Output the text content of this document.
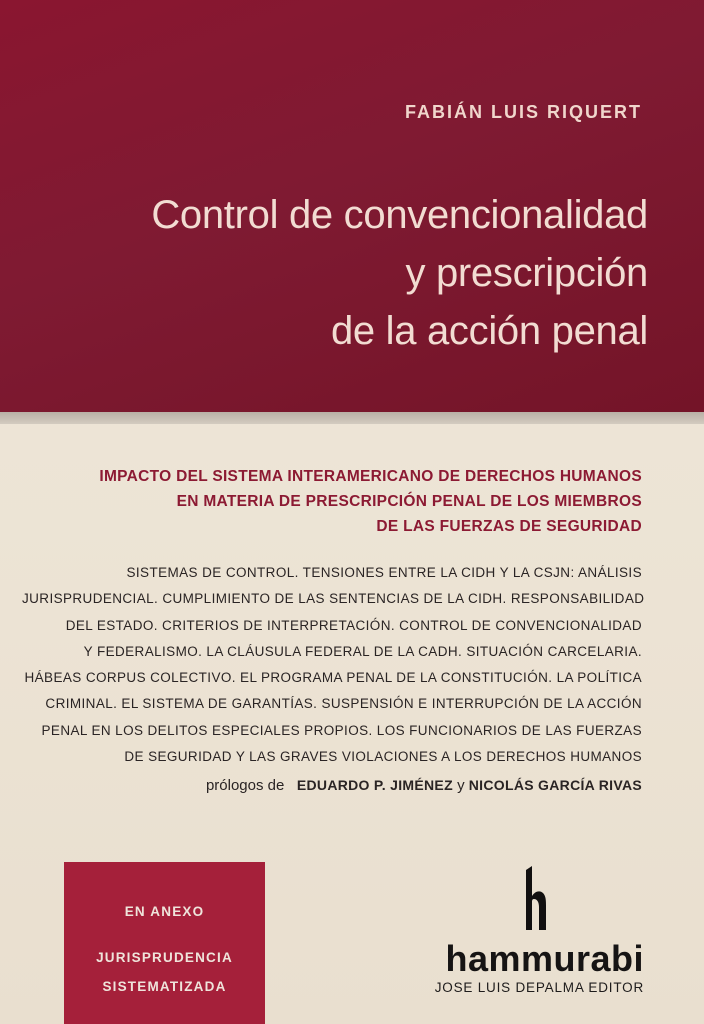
FABIÁN LUIS RIQUERT
Control de convencionalidad
y prescripción
de la acción penal
IMPACTO DEL SISTEMA INTERAMERICANO DE DERECHOS HUMANOS
EN MATERIA DE PRESCRIPCIÓN PENAL DE LOS MIEMBROS
DE LAS FUERZAS DE SEGURIDAD
SISTEMAS DE CONTROL. TENSIONES ENTRE LA CIDH Y LA CSJN: ANÁLISIS
JURISPRUDENCIAL. CUMPLIMIENTO DE LAS SENTENCIAS DE LA CIDH. RESPONSABILIDAD
DEL ESTADO. CRITERIOS DE INTERPRETACIÓN. CONTROL DE CONVENCIONALIDAD
Y FEDERALISMO. LA CLÁUSULA FEDERAL DE LA CADH. SITUACIÓN CARCELARIA.
HÁBEAS CORPUS COLECTIVO. EL PROGRAMA PENAL DE LA CONSTITUCIÓN. LA POLÍTICA
CRIMINAL. EL SISTEMA DE GARANTÍAS. SUSPENSIÓN E INTERRUPCIÓN DE LA ACCIÓN
PENAL EN LOS DELITOS ESPECIALES PROPIOS. LOS FUNCIONARIOS DE LAS FUERZAS
DE SEGURIDAD Y LAS GRAVES VIOLACIONES A LOS DERECHOS HUMANOS
prólogos de EDUARDO P. JIMÉNEZ y NICOLÁS GARCÍA RIVAS
EN ANEXO
JURISPRUDENCIA
SISTEMATIZADA
hammurabi
JOSE LUIS DEPALMA EDITOR
